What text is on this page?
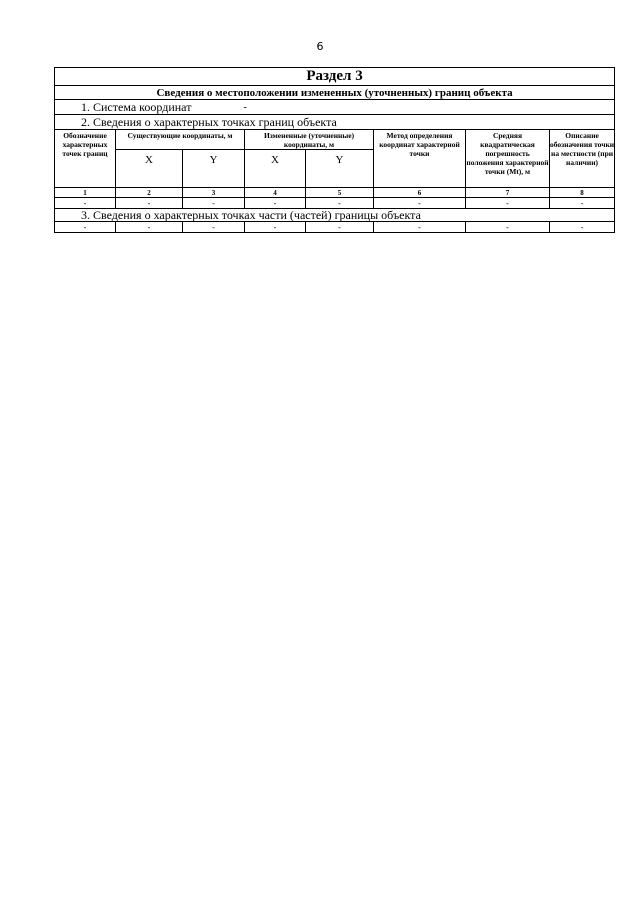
6
Раздел 3							
Сведения о местоположении измененных (уточненных) границ объекта							
1. Система координат -							
2. Сведения о характерных точках границ объекта							
Обозначение характерных точек границ	Существующие координаты, м		Измененные (уточненные) координаты, м		Метод определения координат характерной точки	Средняя квадратическая погрешность положения характерной точки (Мt), м	Описание обозначения точки на местности (при наличии)
	X	Y	X	Y			
1	2	3	4	5	6	7	8
-	-	-	-	-	-	-	-
3. Сведения о характерных точках части (частей) границы объекта							
-	-	-	-	-	-	-	-
